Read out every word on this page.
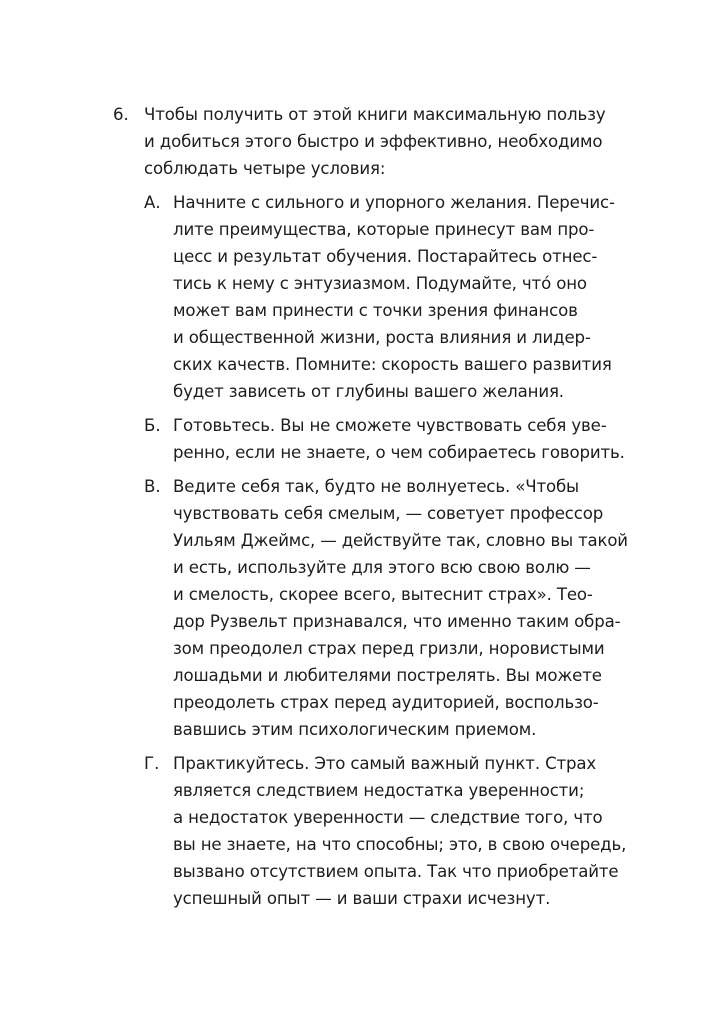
6. Чтобы получить от этой книги максимальную пользу
и добиться этого быстро и эффективно, необходимо
соблюдать четыре условия:
А. Начните с сильного и упорного желания. Перечис-
лите преимущества, которые принесут вам про-
цесс и результат обучения. Постарайтесь отнес-
тись к нему с энтузиазмом. Подумайте, что́ оно
может вам принести с точки зрения финансов
и общественной жизни, роста влияния и лидер-
ских качеств. Помните: скорость вашего развития
будет зависеть от глубины вашего желания.
Б. Готовьтесь. Вы не сможете чувствовать себя уве-
ренно, если не знаете, о чем собираетесь говорить.
В. Ведите себя так, будто не волнуетесь. «Чтобы
чувствовать себя смелым, — советует профессор
Уильям Джеймс, — действуйте так, словно вы такой
и есть, используйте для этого всю свою волю —
и смелость, скорее всего, вытеснит страх». Тео-
дор Рузвельт признавался, что именно таким обра-
зом преодолел страх перед гризли, норовистыми
лошадьми и любителями пострелять. Вы можете
преодолеть страх перед аудиторией, воспользо-
вавшись этим психологическим приемом.
Г. Практикуйтесь. Это самый важный пункт. Страх
является следствием недостатка уверенности;
а недостаток уверенности — следствие того, что
вы не знаете, на что способны; это, в свою очередь,
вызвано отсутствием опыта. Так что приобретайте
успешный опыт — и ваши страхи исчезнут.
